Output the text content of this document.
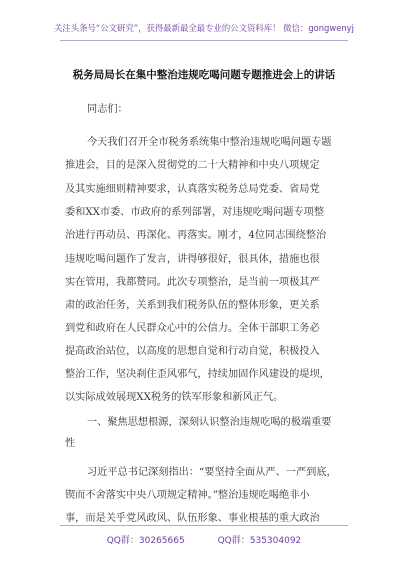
关注头条号“公文研究”，获得最新最全最专业的公文资料库！ 微信：gongwenyj
税务局局长在集中整治违规吃喝问题专题推进会上的讲话
同志们：
今天我们召开全市税务系统集中整治违规吃喝问题专题
推进会，目的是深入贯彻党的二十大精神和中央八项规定
及其实施细则精神要求，认真落实税务总局党委、省局党
委和XX市委、市政府的系列部署，对违规吃喝问题专项整
治进行再动员、再深化、再落实。刚才，4位同志围绕整治
违规吃喝问题作了发言，讲得够很好，很具体，措施也很
实在管用，我都赞同。此次专项整治，是当前一项极其严
肃的政治任务，关系到我们税务队伍的整体形象，更关系
到党和政府在人民群众心中的公信力。全体干部职工务必
提高政治站位，以高度的思想自觉和行动自觉，积极投入
整治工作，坚决刹住歪风邪气，持续加固作风建设的堤坝，
以实际成效展现XX税务的铁军形象和新风正气。
一、聚焦思想根源，深刻认识整治违规吃喝的极端重要
性
习近平总书记深刻指出：“要坚持全面从严、一严到底，
锲而不舍落实中央八项规定精神。”整治违规吃喝绝非小
QQ群：30265665	QQ群：535304092
事，而是关乎党风政风、队伍形象、事业根基的重大政治
